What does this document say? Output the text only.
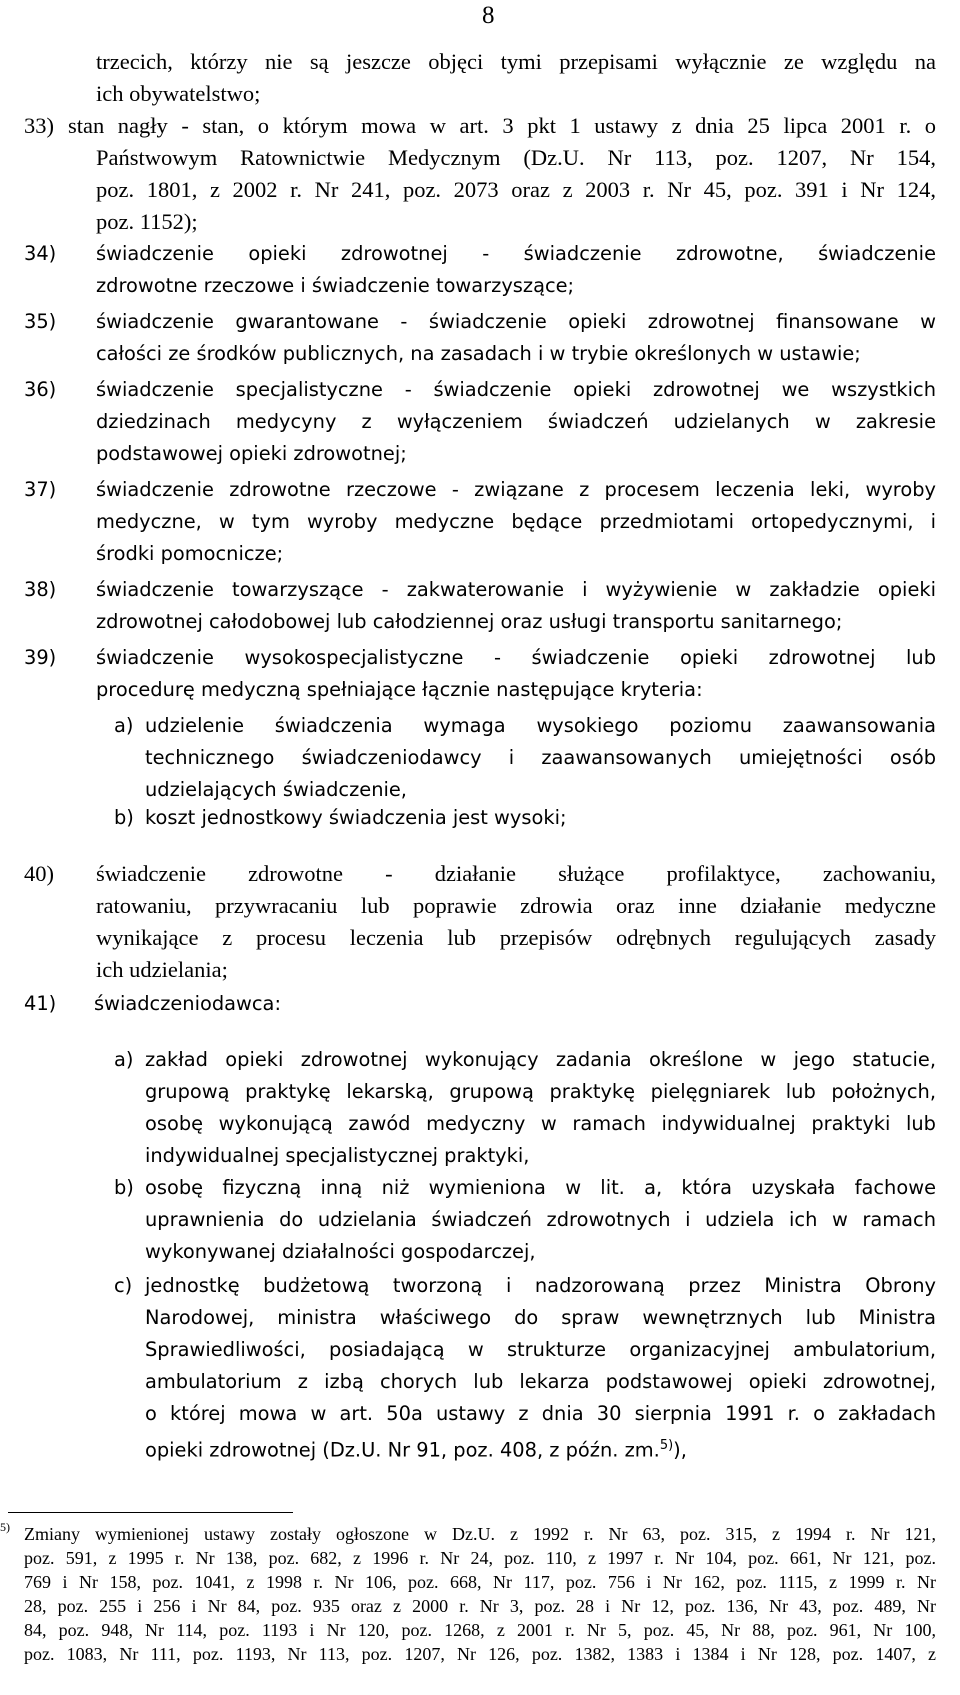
8
trzecich, którzy nie są jeszcze objęci tymi przepisami wyłącznie ze względu na
ich obywatelstwo;
33) stan nagły - stan, o którym mowa w art. 3 pkt 1 ustawy z dnia 25 lipca 2001 r. o
Państwowym Ratownictwie Medycznym (Dz.U. Nr 113, poz. 1207, Nr 154,
poz. 1801, z 2002 r. Nr 241, poz. 2073 oraz z 2003 r. Nr 45, poz. 391 i Nr 124,
poz. 1152);
34) świadczenie opieki zdrowotnej - świadczenie zdrowotne, świadczenie
zdrowotne rzeczowe i świadczenie towarzyszące;
35) świadczenie gwarantowane - świadczenie opieki zdrowotnej finansowane w
całości ze środków publicznych, na zasadach i w trybie określonych w ustawie;
36) świadczenie specjalistyczne - świadczenie opieki zdrowotnej we wszystkich
dziedzinach medycyny z wyłączeniem świadczeń udzielanych w zakresie
podstawowej opieki zdrowotnej;
37) świadczenie zdrowotne rzeczowe - związane z procesem leczenia leki, wyroby
medyczne, w tym wyroby medyczne będące przedmiotami ortopedycznymi, i
środki pomocnicze;
38) świadczenie towarzyszące - zakwaterowanie i wyżywienie w zakładzie opieki
zdrowotnej całodobowej lub całodziennej oraz usługi transportu sanitarnego;
39) świadczenie wysokospecjalistyczne - świadczenie opieki zdrowotnej lub
procedurę medyczną spełniające łącznie następujące kryteria:
a) udzielenie świadczenia wymaga wysokiego poziomu zaawansowania
technicznego świadczeniodawcy i zaawansowanych umiejętności osób
udzielających świadczenie,
b) koszt jednostkowy świadczenia jest wysoki;
40) świadczenie zdrowotne - działanie służące profilaktyce, zachowaniu,
ratowaniu, przywracaniu lub poprawie zdrowia oraz inne działanie medyczne
wynikające z procesu leczenia lub przepisów odrębnych regulujących zasady
ich udzielania;
41) świadczeniodawca:
a) zakład opieki zdrowotnej wykonujący zadania określone w jego statucie,
grupową praktykę lekarską, grupową praktykę pielęgniarek lub położnych,
osobę wykonującą zawód medyczny w ramach indywidualnej praktyki lub
indywidualnej specjalistycznej praktyki,
b) osobę fizyczną inną niż wymieniona w lit. a, która uzyskała fachowe
uprawnienia do udzielania świadczeń zdrowotnych i udziela ich w ramach
wykonywanej działalności gospodarczej,
c) jednostkę budżetową tworzoną i nadzorowaną przez Ministra Obrony
Narodowej, ministra właściwego do spraw wewnętrznych lub Ministra
Sprawiedliwości, posiadającą w strukturze organizacyjnej ambulatorium,
ambulatorium z izbą chorych lub lekarza podstawowej opieki zdrowotnej,
o której mowa w art. 50a ustawy z dnia 30 sierpnia 1991 r. o zakładach
opieki zdrowotnej (Dz.U. Nr 91, poz. 408, z późn. zm.$^{5)}$),
5) Zmiany wymienionej ustawy zostały ogłoszone w Dz.U. z 1992 r. Nr 63, poz. 315, z 1994 r. Nr 121,
poz. 591, z 1995 r. Nr 138, poz. 682, z 1996 r. Nr 24, poz. 110, z 1997 r. Nr 104, poz. 661, Nr 121, poz.
769 i Nr 158, poz. 1041, z 1998 r. Nr 106, poz. 668, Nr 117, poz. 756 i Nr 162, poz. 1115, z 1999 r. Nr
28, poz. 255 i 256 i Nr 84, poz. 935 oraz z 2000 r. Nr 3, poz. 28 i Nr 12, poz. 136, Nr 43, poz. 489, Nr
84, poz. 948, Nr 114, poz. 1193 i Nr 120, poz. 1268, z 2001 r. Nr 5, poz. 45, Nr 88, poz. 961, Nr 100,
poz. 1083, Nr 111, poz. 1193, Nr 113, poz. 1207, Nr 126, poz. 1382, 1383 i 1384 i Nr 128, poz. 1407, z
